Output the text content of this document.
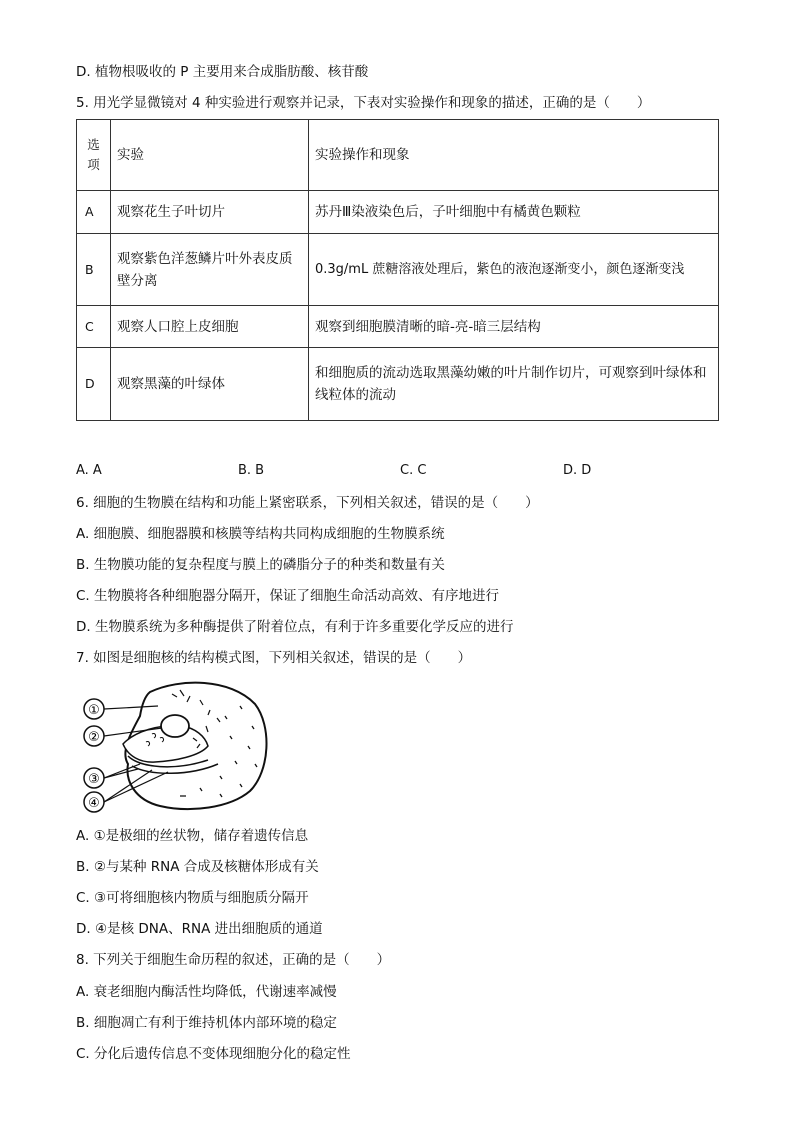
D. 植物根吸收的 P 主要用来合成脂肪酸、核苷酸
5. 用光学显微镜对 4 种实验进行观察并记录，下表对实验操作和现象的描述，正确的是（　　）
选项	实验	实验操作和现象
A	观察花生子叶切片	苏丹Ⅲ染液染色后，子叶细胞中有橘黄色颗粒
B	观察紫色洋葱鳞片叶外表皮质壁分离	0.3g/mL 蔗糖溶液处理后，紫色的液泡逐渐变小，颜色逐渐变浅
C	观察人口腔上皮细胞	观察到细胞膜清晰的暗-亮-暗三层结构
D	观察黑藻的叶绿体	和细胞质的流动选取黑藻幼嫩的叶片制作切片，可观察到叶绿体和线粒体的流动
A. A	B. B	C. C	D. D
6. 细胞的生物膜在结构和功能上紧密联系，下列相关叙述，错误的是（　　）
A. 细胞膜、细胞器膜和核膜等结构共同构成细胞的生物膜系统
B. 生物膜功能的复杂程度与膜上的磷脂分子的种类和数量有关
C. 生物膜将各种细胞器分隔开，保证了细胞生命活动高效、有序地进行
D. 生物膜系统为多种酶提供了附着位点，有利于许多重要化学反应的进行
7. 如图是细胞核的结构模式图，下列相关叙述，错误的是（　　）
①
②
③
④
A. ①是极细的丝状物，储存着遗传信息
B. ②与某种 RNA 合成及核糖体形成有关
C. ③可将细胞核内物质与细胞质分隔开
D. ④是核 DNA、RNA 进出细胞质的通道
8. 下列关于细胞生命历程的叙述，正确的是（　　）
A. 衰老细胞内酶活性均降低，代谢速率减慢
B. 细胞凋亡有利于维持机体内部环境的稳定
C. 分化后遗传信息不变体现细胞分化的稳定性
